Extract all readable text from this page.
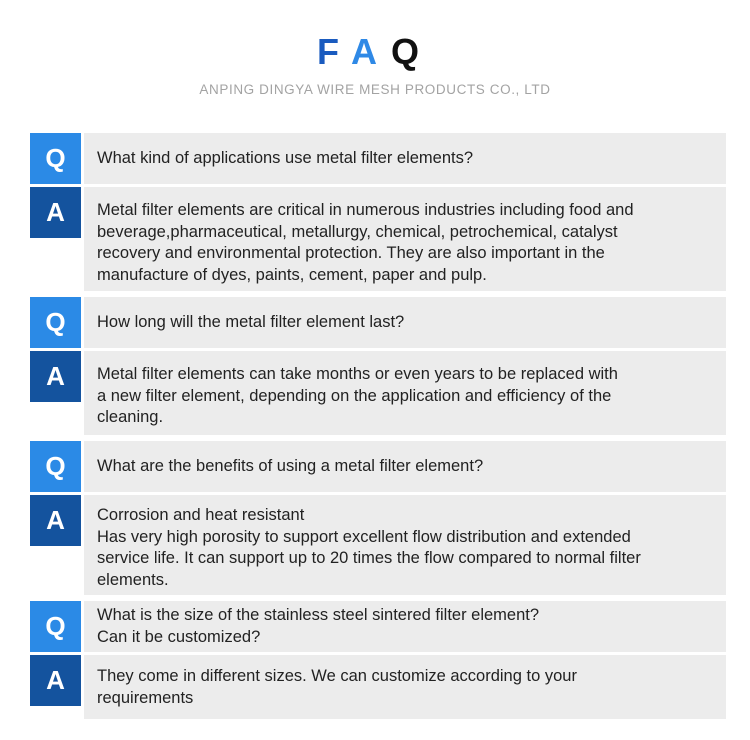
FAQ
ANPING DINGYA WIRE MESH PRODUCTS CO., LTD
Q	What kind of applications use metal filter elements?
A	Metal filter elements are critical in numerous industries including food and
beverage,pharmaceutical, metallurgy, chemical, petrochemical, catalyst
recovery and environmental protection. They are also important in the
manufacture of dyes, paints, cement, paper and pulp.
Q	How long will the metal filter element last?
A	Metal filter elements can take months or even years to be replaced with
a new filter element, depending on the application and efficiency of the
cleaning.
Q	What are the benefits of using a metal filter element?
A	Corrosion and heat resistant
Has very high porosity to support excellent flow distribution and extended
service life. It can support up to 20 times the flow compared to normal filter
elements.
Q	What is the size of the stainless steel sintered filter element?
Can it be customized?
A	They come in different sizes. We can customize according to your
requirements
